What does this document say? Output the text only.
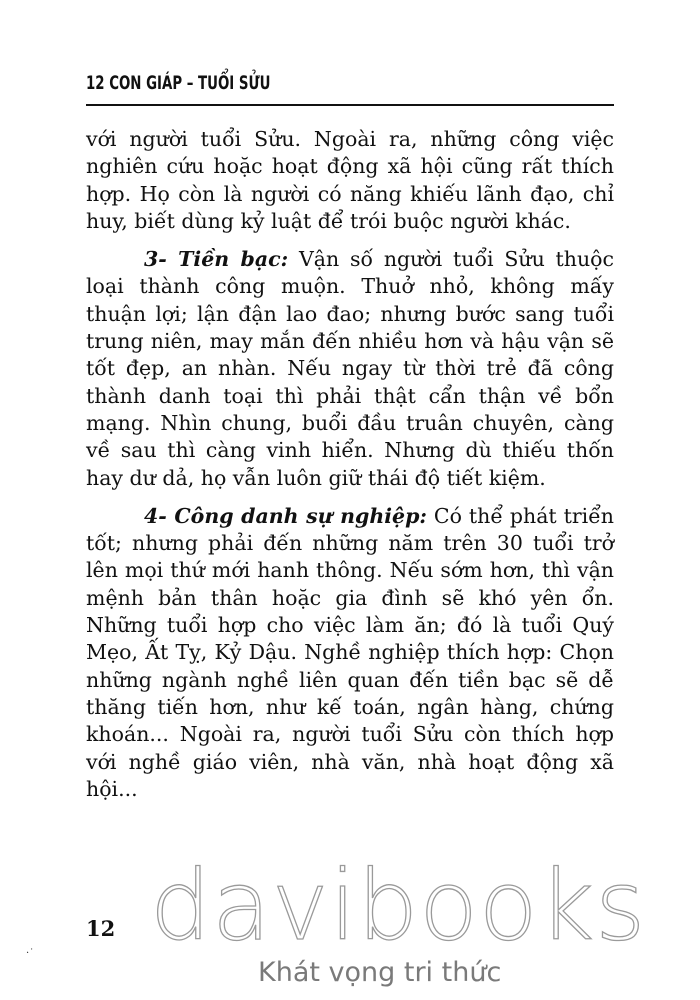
12 CON GIÁP – TUỔI SỬU

với người tuổi Sửu. Ngoài ra, những công việc nghiên cứu hoặc hoạt động xã hội cũng rất thích hợp. Họ còn là người có năng khiếu lãnh đạo, chỉ huy, biết dùng kỷ luật để trói buộc người khác.

3- Tiền bạc: Vận số người tuổi Sửu thuộc loại thành công muộn. Thuở nhỏ, không mấy thuận lợi; lận đận lao đao; nhưng bước sang tuổi trung niên, may mắn đến nhiều hơn và hậu vận sẽ tốt đẹp, an nhàn. Nếu ngay từ thời trẻ đã công thành danh toại thì phải thật cẩn thận về bổn mạng. Nhìn chung, buổi đầu truân chuyên, càng về sau thì càng vinh hiển. Nhưng dù thiếu thốn hay dư dả, họ vẫn luôn giữ thái độ tiết kiệm.

4- Công danh sự nghiệp: Có thể phát triển tốt; nhưng phải đến những năm trên 30 tuổi trở lên mọi thứ mới hanh thông. Nếu sớm hơn, thì vận mệnh bản thân hoặc gia đình sẽ khó yên ổn. Những tuổi hợp cho việc làm ăn; đó là tuổi Quý Mẹo, Ất Tỵ, Kỷ Dậu. Nghề nghiệp thích hợp: Chọn những ngành nghề liên quan đến tiền bạc sẽ dễ thăng tiến hơn, như kế toán, ngân hàng, chứng khoán... Ngoài ra, người tuổi Sửu còn thích hợp với nghề giáo viên, nhà văn, nhà hoạt động xã hội...

12 davibooks
Khát vọng tri thức
·˙
